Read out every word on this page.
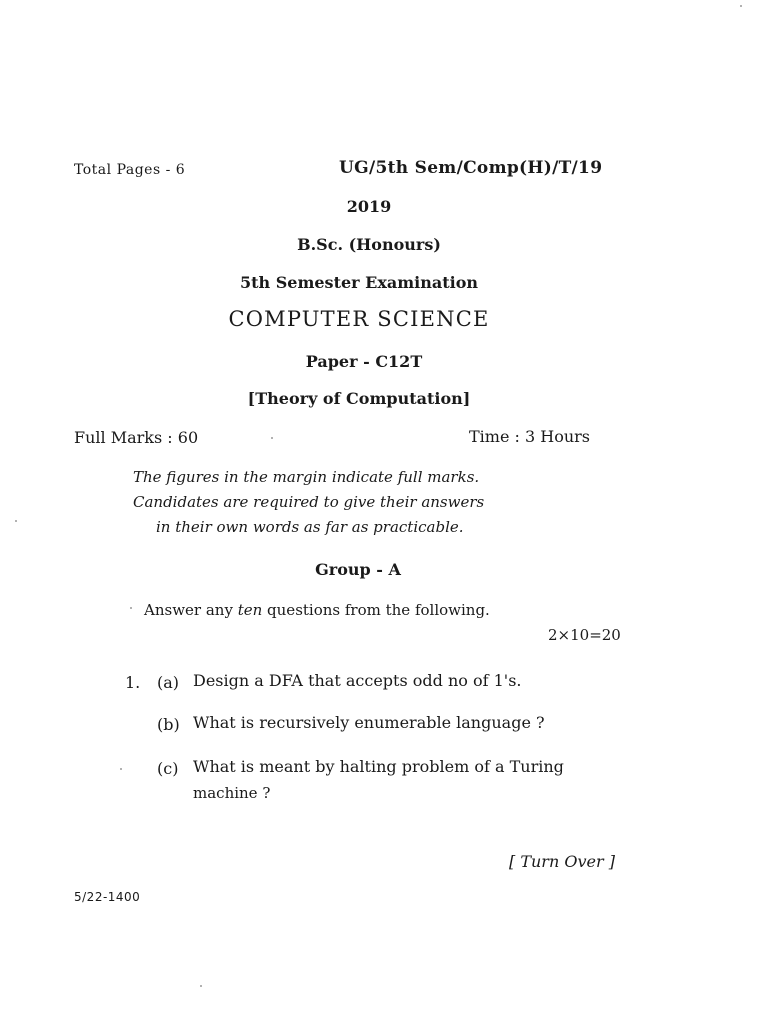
Total Pages - 6	UG/5th Sem/Comp(H)/T/19
2019
B.Sc. (Honours)
5th Semester Examination
COMPUTER SCIENCE
Paper - C12T
[Theory of Computation]
Full Marks : 60	Time : 3 Hours
The figures in the margin indicate full marks.
Candidates are required to give their answers
in their own words as far as practicable.
Group - A
Answer any ten questions from the following.
2×10=20
1. (a) Design a DFA that accepts odd no of 1's.
(b) What is recursively enumerable language ?
(c) What is meant by halting problem of a Turing
machine ?
[ Turn Over ]
5/22-1400
